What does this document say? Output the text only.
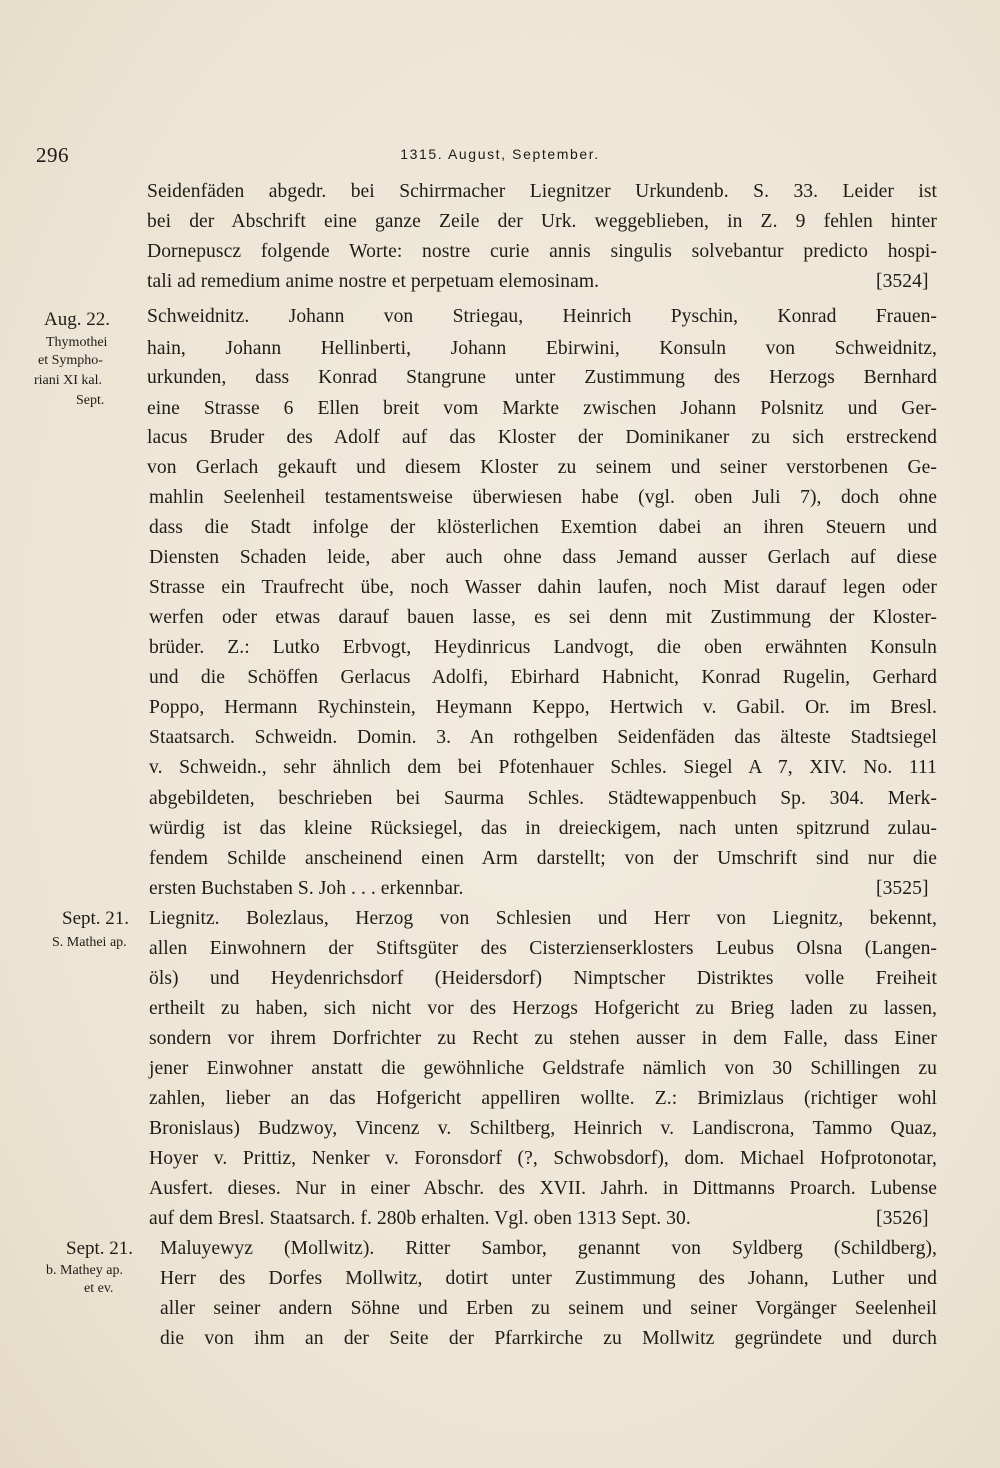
296	1315. August, September.
Seidenfäden abgedr. bei Schirrmacher Liegnitzer Urkundenb. S. 33. Leider ist
bei der Abschrift eine ganze Zeile der Urk. weggeblieben, in Z. 9 fehlen hinter
Dornepuscz folgende Worte: nostre curie annis singulis solvebantur predicto hospi-
tali ad remedium anime nostre et perpetuam elemosinam.	[3524]
Aug. 22.
Thymothei
et Sympho-
riani XI kal.
Sept.
Schweidnitz. Johann von Striegau, Heinrich Pyschin, Konrad Frauen-
hain, Johann Hellinberti, Johann Ebirwini, Konsuln von Schweidnitz,
urkunden, dass Konrad Stangrune unter Zustimmung des Herzogs Bernhard
eine Strasse 6 Ellen breit vom Markte zwischen Johann Polsnitz und Ger-
lacus Bruder des Adolf auf das Kloster der Dominikaner zu sich erstreckend
von Gerlach gekauft und diesem Kloster zu seinem und seiner verstorbenen Ge-
mahlin Seelenheil testamentsweise überwiesen habe (vgl. oben Juli 7), doch ohne
dass die Stadt infolge der klösterlichen Exemtion dabei an ihren Steuern und
Diensten Schaden leide, aber auch ohne dass Jemand ausser Gerlach auf diese
Strasse ein Traufrecht übe, noch Wasser dahin laufen, noch Mist darauf legen oder
werfen oder etwas darauf bauen lasse, es sei denn mit Zustimmung der Kloster-
brüder. Z.: Lutko Erbvogt, Heydinricus Landvogt, die oben erwähnten Konsuln
und die Schöffen Gerlacus Adolfi, Ebirhard Habnicht, Konrad Rugelin, Gerhard
Poppo, Hermann Rychinstein, Heymann Keppo, Hertwich v. Gabil. Or. im Bresl.
Staatsarch. Schweidn. Domin. 3. An rothgelben Seidenfäden das älteste Stadtsiegel
v. Schweidn., sehr ähnlich dem bei Pfotenhauer Schles. Siegel A 7, XIV. No. 111
abgebildeten, beschrieben bei Saurma Schles. Städtewappenbuch Sp. 304. Merk-
würdig ist das kleine Rücksiegel, das in dreieckigem, nach unten spitzrund zulau-
fendem Schilde anscheinend einen Arm darstellt; von der Umschrift sind nur die
ersten Buchstaben S. Joh . . . erkennbar.	[3525]
Sept. 21.
S. Mathei ap.
Liegnitz. Bolezlaus, Herzog von Schlesien und Herr von Liegnitz, bekennt,
allen Einwohnern der Stiftsgüter des Cisterzienserklosters Leubus Olsna (Langen-
öls) und Heydenrichsdorf (Heidersdorf) Nimptscher Distriktes volle Freiheit
ertheilt zu haben, sich nicht vor des Herzogs Hofgericht zu Brieg laden zu lassen,
sondern vor ihrem Dorfrichter zu Recht zu stehen ausser in dem Falle, dass Einer
jener Einwohner anstatt die gewöhnliche Geldstrafe nämlich von 30 Schillingen zu
zahlen, lieber an das Hofgericht appelliren wollte. Z.: Brimizlaus (richtiger wohl
Bronislaus) Budzwoy, Vincenz v. Schiltberg, Heinrich v. Landiscrona, Tammo Quaz,
Hoyer v. Prittiz, Nenker v. Foronsdorf (?, Schwobsdorf), dom. Michael Hofprotonotar,
Ausfert. dieses. Nur in einer Abschr. des XVII. Jahrh. in Dittmanns Proarch. Lubense
auf dem Bresl. Staatsarch. f. 280b erhalten. Vgl. oben 1313 Sept. 30.	[3526]
Sept. 21.
b. Mathey ap.
et ev.
Maluyewyz (Mollwitz). Ritter Sambor, genannt von Syldberg (Schildberg),
Herr des Dorfes Mollwitz, dotirt unter Zustimmung des Johann, Luther und
aller seiner andern Söhne und Erben zu seinem und seiner Vorgänger Seelenheil
die von ihm an der Seite der Pfarrkirche zu Mollwitz gegründete und durch
